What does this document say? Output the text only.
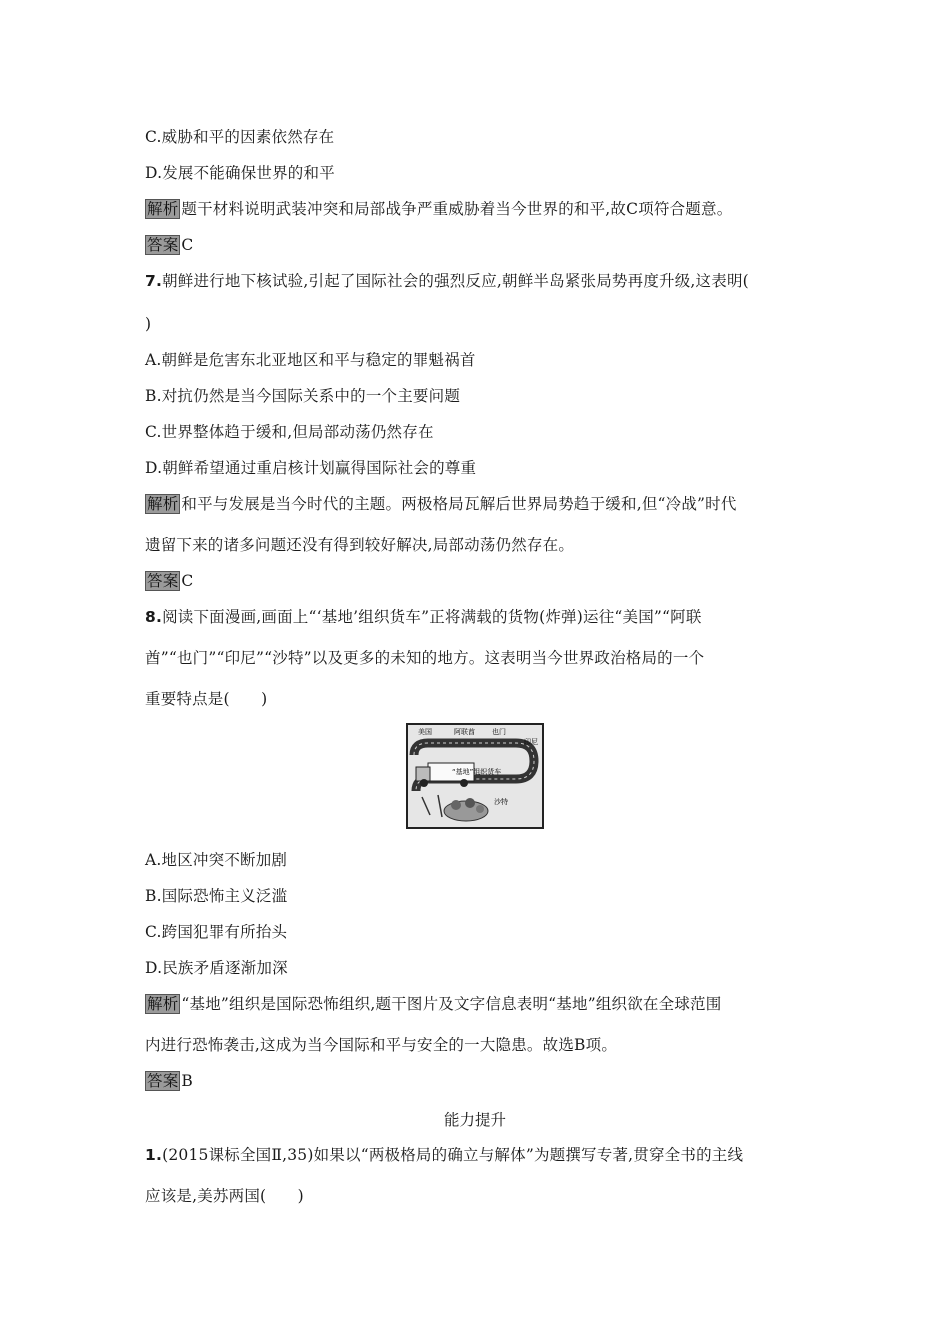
C.威胁和平的因素依然存在
D.发展不能确保世界的和平
解析 题干材料说明武装冲突和局部战争严重威胁着当今世界的和平,故C项符合题意。
答案 C
7.朝鲜进行地下核试验,引起了国际社会的强烈反应,朝鲜半岛紧张局势再度升级,这表明(
)
A.朝鲜是危害东北亚地区和平与稳定的罪魁祸首
B.对抗仍然是当今国际关系中的一个主要问题
C.世界整体趋于缓和,但局部动荡仍然存在
D.朝鲜希望通过重启核计划赢得国际社会的尊重
解析 和平与发展是当今时代的主题。两极格局瓦解后世界局势趋于缓和,但“冷战”时代
遗留下来的诸多问题还没有得到较好解决,局部动荡仍然存在。
答案 C
8.阅读下面漫画,画面上“‘基地’组织货车”正将满载的货物(炸弹)运往“美国”“阿联
酋”“也门”“印尼”“沙特”以及更多的未知的地方。这表明当今世界政治格局的一个
重要特点是(　　)
美国	阿联酋 也门
印尼
“基地”组织货车
沙特
A.地区冲突不断加剧
B.国际恐怖主义泛滥
C.跨国犯罪有所抬头
D.民族矛盾逐渐加深
解析 “基地”组织是国际恐怖组织,题干图片及文字信息表明“基地”组织欲在全球范围
内进行恐怖袭击,这成为当今国际和平与安全的一大隐患。故选B项。
答案 B
能力提升
1.(2015课标全国Ⅱ,35)如果以“两极格局的确立与解体”为题撰写专著,贯穿全书的主线
应该是,美苏两国(　　)
